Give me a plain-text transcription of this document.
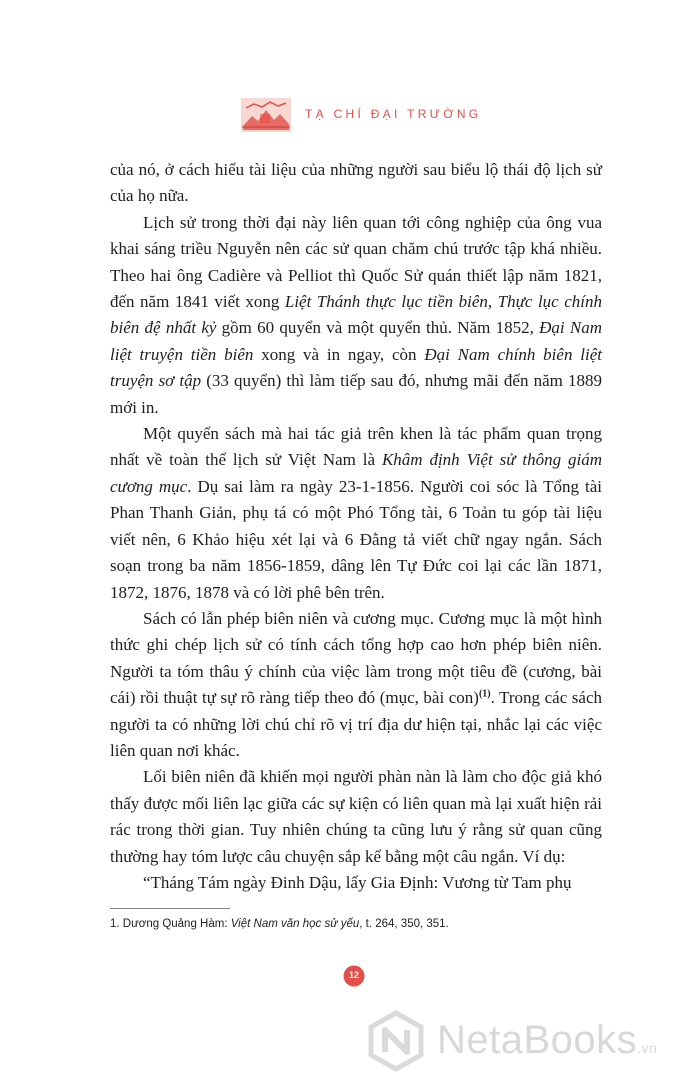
TẠ CHÍ ĐẠI TRƯỜNG

của nó, ở cách hiểu tài liệu của những người sau biểu lộ thái độ lịch sử của họ nữa.

Lịch sử trong thời đại này liên quan tới công nghiệp của ông vua khai sáng triều Nguyễn nên các sử quan chăm chú trước tập khá nhiều. Theo hai ông Cadière và Pelliot thì Quốc Sử quán thiết lập năm 1821, đến năm 1841 viết xong Liệt Thánh thực lục tiền biên, Thực lục chính biên đệ nhất kỷ gồm 60 quyển và một quyển thủ. Năm 1852, Đại Nam liệt truyện tiền biên xong và in ngay, còn Đại Nam chính biên liệt truyện sơ tập (33 quyển) thì làm tiếp sau đó, nhưng mãi đến năm 1889 mới in.

Một quyển sách mà hai tác giả trên khen là tác phẩm quan trọng nhất về toàn thể lịch sử Việt Nam là Khâm định Việt sử thông giám cương mục. Dụ sai làm ra ngày 23-1-1856. Người coi sóc là Tổng tài Phan Thanh Giản, phụ tá có một Phó Tổng tài, 6 Toản tu góp tài liệu viết nên, 6 Khảo hiệu xét lại và 6 Đằng tả viết chữ ngay ngắn. Sách soạn trong ba năm 1856-1859, dâng lên Tự Đức coi lại các lần 1871, 1872, 1876, 1878 và có lời phê bên trên.

Sách có lẫn phép biên niên và cương mục. Cương mục là một hình thức ghi chép lịch sử có tính cách tổng hợp cao hơn phép biên niên. Người ta tóm thâu ý chính của việc làm trong một tiêu đề (cương, bài cái) rồi thuật tự sự rõ ràng tiếp theo đó (mục, bài con)$^{(1)}$. Trong các sách người ta có những lời chú chỉ rõ vị trí địa dư hiện tại, nhắc lại các việc liên quan nơi khác.

Lối biên niên đã khiến mọi người phàn nàn là làm cho độc giả khó thấy được mối liên lạc giữa các sự kiện có liên quan mà lại xuất hiện rải rác trong thời gian. Tuy nhiên chúng ta cũng lưu ý rằng sử quan cũng thường hay tóm lược câu chuyện sắp kể bằng một câu ngắn. Ví dụ:

“Tháng Tám ngày Đinh Dậu, lấy Gia Định: Vương từ Tam phụ

1. Dương Quảng Hàm: Việt Nam văn học sử yếu, t. 264, 350, 351.
12
NetaBooks.vn
